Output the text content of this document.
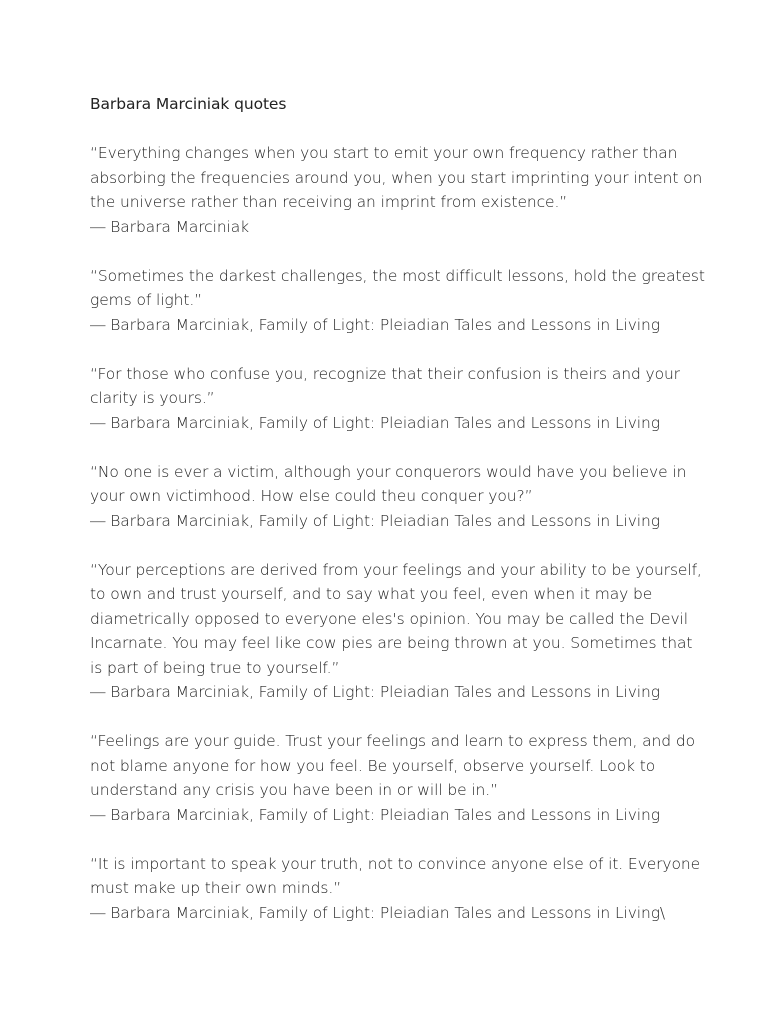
Barbara Marciniak quotes
“Everything changes when you start to emit your own frequency rather than absorbing the frequencies around you, when you start imprinting your intent on the universe rather than receiving an imprint from existence.”
― Barbara Marciniak
“Sometimes the darkest challenges, the most difficult lessons, hold the greatest gems of light.”
― Barbara Marciniak, Family of Light: Pleiadian Tales and Lessons in Living
“For those who confuse you, recognize that their confusion is theirs and your clarity is yours.”
― Barbara Marciniak, Family of Light: Pleiadian Tales and Lessons in Living
“No one is ever a victim, although your conquerors would have you believe in your own victimhood. How else could theu conquer you?”
― Barbara Marciniak, Family of Light: Pleiadian Tales and Lessons in Living
“Your perceptions are derived from your feelings and your ability to be yourself, to own and trust yourself, and to say what you feel, even when it may be diametrically opposed to everyone eles's opinion. You may be called the Devil Incarnate. You may feel like cow pies are being thrown at you. Sometimes that is part of being true to yourself.”
― Barbara Marciniak, Family of Light: Pleiadian Tales and Lessons in Living
“Feelings are your guide. Trust your feelings and learn to express them, and do not blame anyone for how you feel. Be yourself, observe yourself. Look to understand any crisis you have been in or will be in.”
― Barbara Marciniak, Family of Light: Pleiadian Tales and Lessons in Living
“It is important to speak your truth, not to convince anyone else of it. Everyone must make up their own minds.”
― Barbara Marciniak, Family of Light: Pleiadian Tales and Lessons in Living\
